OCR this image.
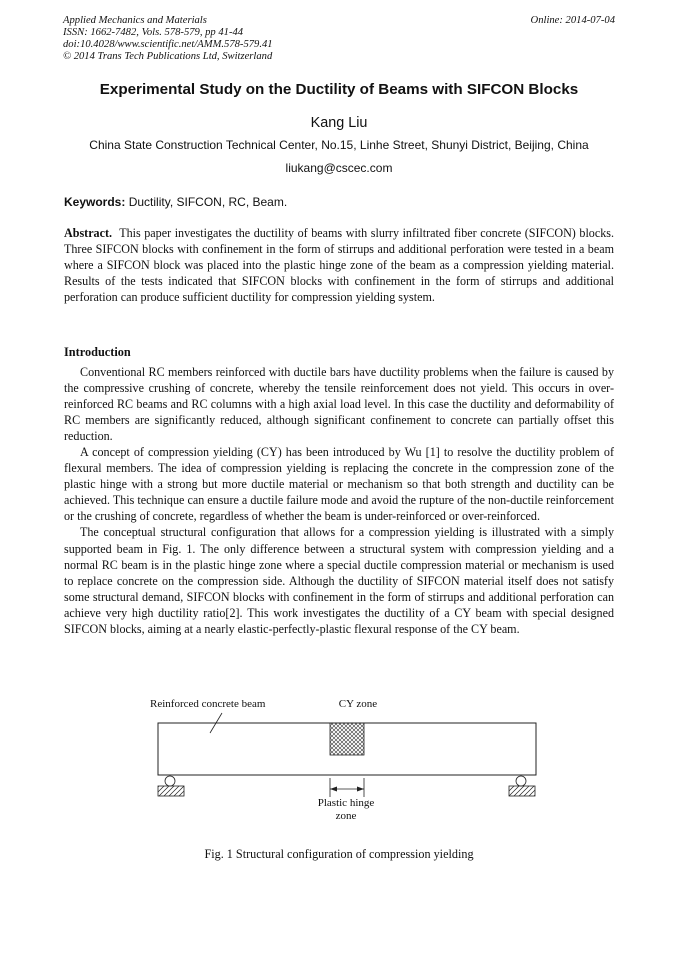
Applied Mechanics and Materials
ISSN: 1662-7482, Vols. 578-579, pp 41-44
doi:10.4028/www.scientific.net/AMM.578-579.41
© 2014 Trans Tech Publications Ltd, Switzerland
Online: 2014-07-04
Experimental Study on the Ductility of Beams with SIFCON Blocks
Kang Liu
China State Construction Technical Center, No.15, Linhe Street, Shunyi District, Beijing, China
liukang@cscec.com
Keywords: Ductility, SIFCON, RC, Beam.
Abstract. This paper investigates the ductility of beams with slurry infiltrated fiber concrete (SIFCON) blocks. Three SIFCON blocks with confinement in the form of stirrups and additional perforation were tested in a beam where a SIFCON block was placed into the plastic hinge zone of the beam as a compression yielding material. Results of the tests indicated that SIFCON blocks with confinement in the form of stirrups and additional perforation can produce sufficient ductility for compression yielding system.
Introduction

Conventional RC members reinforced with ductile bars have ductility problems when the failure is caused by the compressive crushing of concrete, whereby the tensile reinforcement does not yield. This occurs in over-reinforced RC beams and RC columns with a high axial load level. In this case the ductility and deformability of RC members are significantly reduced, although significant confinement to concrete can partially offset this reduction.

A concept of compression yielding (CY) has been introduced by Wu [1] to resolve the ductility problem of flexural members. The idea of compression yielding is replacing the concrete in the compression zone of the plastic hinge with a strong but more ductile material or mechanism so that both strength and ductility can be achieved. This technique can ensure a ductile failure mode and avoid the rupture of the non-ductile reinforcement or the crushing of concrete, regardless of whether the beam is under-reinforced or over-reinforced.

The conceptual structural configuration that allows for a compression yielding is illustrated with a simply supported beam in Fig. 1. The only difference between a structural system with compression yielding and a normal RC beam is in the plastic hinge zone where a special ductile compression material or mechanism is used to replace concrete on the compression side. Although the ductility of SIFCON material itself does not satisfy some structural demand, SIFCON blocks with confinement in the form of stirrups and additional perforation can achieve very high ductility ratio[2]. This work investigates the ductility of a CY beam with special designed SIFCON blocks, aiming at a nearly elastic-perfectly-plastic flexural response of the CY beam.

Reinforced concrete beam	CY zone
Plastic hinge
zone
Fig. 1 Structural configuration of compression yielding
